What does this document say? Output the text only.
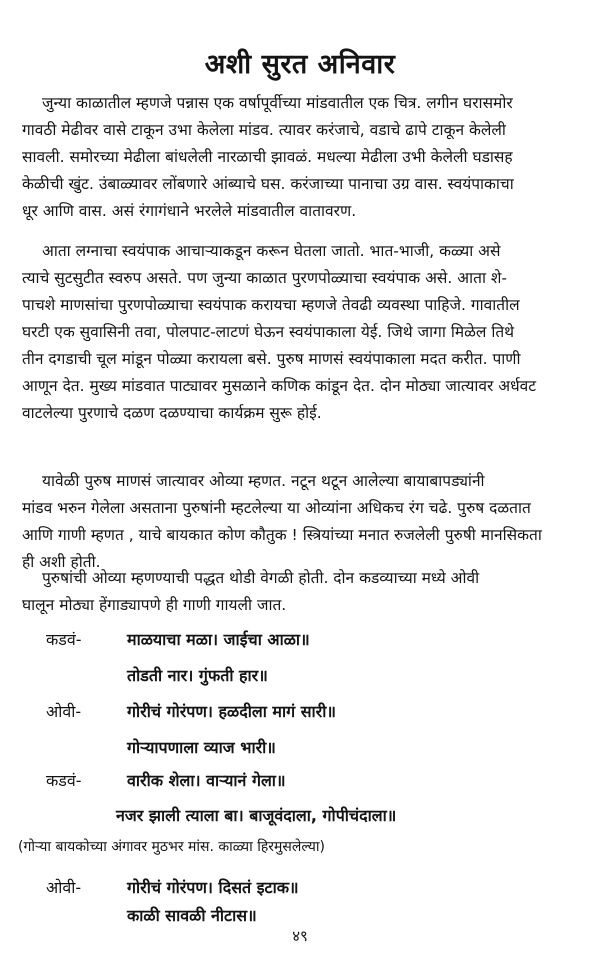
अशी सुरत अनिवार
जुन्या काळातील म्हणजे पन्नास एक वर्षापूर्वीच्या मांडवातील एक चित्र. लगीन घरासमोर
गावठी मेढीवर वासे टाकून उभा केलेला मांडव. त्यावर करंजाचे, वडाचे ढापे टाकून केलेली
सावली. समोरच्या मेढीला बांधलेली नारळाची झावळं. मधल्या मेढीला उभी केलेली घडासह
केळीची खुंट. उंबाळ्यावर लोंबणारे आंब्याचे घस. करंजाच्या पानाचा उग्र वास. स्वयंपाकाचा
धूर आणि वास. असं रंगागंधाने भरलेले मांडवातील वातावरण.
आता लग्नाचा स्वयंपाक आचाऱ्याकडून करून घेतला जातो. भात-भाजी, कळ्या असे
त्याचे सुटसुटीत स्वरुप असते. पण जुन्या काळात पुरणपोळ्याचा स्वयंपाक असे. आता शे-
पाचशे माणसांचा पुरणपोळ्याचा स्वयंपाक करायचा म्हणजे तेवढी व्यवस्था पाहिजे. गावातील
घरटी एक सुवासिनी तवा, पोलपाट-लाटणं घेऊन स्वयंपाकाला येई. जिथे जागा मिळेल तिथे
तीन दगडाची चूल मांडून पोळ्या करायला बसे. पुरुष माणसं स्वयंपाकाला मदत करीत. पाणी
आणून देत. मुख्य मांडवात पाट्यावर मुसळाने कणिक कांडून देत. दोन मोठ्या जात्यावर अर्धवट
वाटलेल्या पुरणाचे दळण दळण्याचा कार्यक्रम सुरू होई.
यावेळी पुरुष माणसं जात्यावर ओव्या म्हणत. नटून थटून आलेल्या बायाबापड्यांनी
मांडव भरुन गेलेला असताना पुरुषांनी म्हटलेल्या या ओव्यांना अधिकच रंग चढे. पुरुष दळतात
आणि गाणी म्हणत , याचे बायकात कोण कौतुक ! स्त्रियांच्या मनात रुजलेली पुरुषी मानसिकता
ही अशी होती.
पुरुषांची ओव्या म्हणण्याची पद्धत थोडी वेगळी होती. दोन कडव्याच्या मध्ये ओवी
घालून मोठ्या हेंगाड्यापणे ही गाणी गायली जात.
कडवं-	माळयाचा मळा। जाईचा आळा॥
तोडती नार। गुंफती हार॥
ओवी-	गोरीचं गोरंपण। हळदीला मागं सारी॥
गोऱ्यापणाला व्याज भारी॥
कडवं-	वारीक शेला। वाऱ्यानं गेला॥
नजर झाली त्याला बा। बाजूवंदाला, गोपीचंदाला॥
(गोऱ्या बायकोच्या अंगावर मुठभर मांस. काळ्या हिरमुसलेल्या)
ओवी-	गोरीचं गोरंपण। दिसतं इटाक॥
काळी सावळी नीटास॥
४९
